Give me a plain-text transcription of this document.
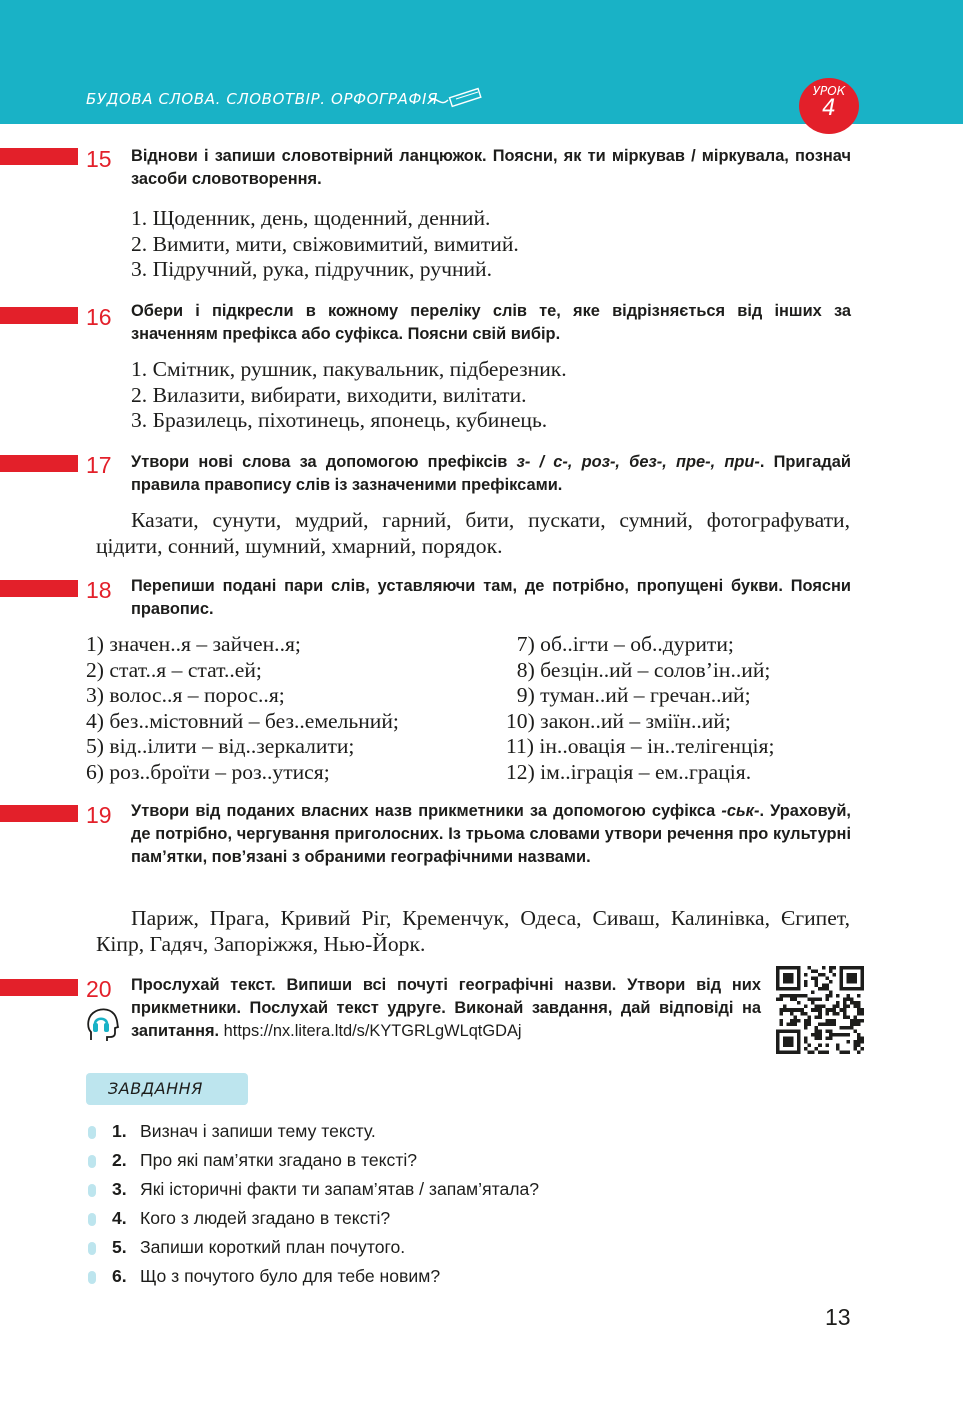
БУДОВА СЛОВА. СЛОВОТВІР. ОРФОГРАФІЯ	УРОК
4
15 Віднови і запиши словотвірний ланцюжок. Поясни, як ти міркував / міркувала, познач засоби словотворення.
1. Щоденник, день, щоденний, денний.
2. Вимити, мити, свіжовимитий, вимитий.
3. Підручний, рука, підручник, ручний.
16 Обери і підкресли в кожному переліку слів те, яке відрізняється від інших за значенням префікса або суфікса. Поясни свій вибір.
1. Смітник, рушник, пакувальник, підберезник.
2. Вилазити, вибирати, виходити, вилітати.
3. Бразилець, піхотинець, японець, кубинець.
17 Утвори нові слова за допомогою префіксів з- / с-, роз-, без-, пре-, при-. Пригадай правила правопису слів із зазначеними префіксами.
Казати, сунути, мудрий, гарний, бити, пускати, сумний, фотографувати, цідити, сонний, шумний, хмарний, порядок.
18 Перепиши подані пари слів, уставляючи там, де потрібно, пропущені букви. Поясни правопис.
1) значен..я – зайчен..я;
2) стат..я – стат..ей;
3) волос..я – порос..я;
4) без..містовний – без..емельний;
5) від..ілити – від..зеркалити;
6) роз..броїти – роз..утися;
7) об..ігти – об..дурити;
8) безцін..ий – солов’ін..ий;
9) туман..ий – гречан..ий;
10) закон..ий – зміїн..ий;
11) ін..овація – ін..телігенція;
12) ім..іграція – ем..грація.
19 Утвори від поданих власних назв прикметники за допомогою суфікса -ськ-. Ураховуй, де потрібно, чергування приголосних. Із трьома словами утвори речення про культурні пам’ятки, пов’язані з обраними географічними назвами.
Париж, Прага, Кривий Ріг, Кременчук, Одеса, Сиваш, Калинівка, Єгипет, Кіпр, Гадяч, Запоріжжя, Нью-Йорк.
20 Прослухай текст. Випиши всі почуті географічні назви. Утвори від них прикметники. Послухай текст удруге. Виконай завдання, дай відповіді на запитання. https://nx.litera.ltd/s/KYTGRLgWLqtGDAj
ЗАВДАННЯ
1. Визнач і запиши тему тексту.
2. Про які пам’ятки згадано в тексті?
3. Які історичні факти ти запам’ятав / запам’ятала?
4. Кого з людей згадано в тексті?
5. Запиши короткий план почутого.
6. Що з почутого було для тебе новим?
13
